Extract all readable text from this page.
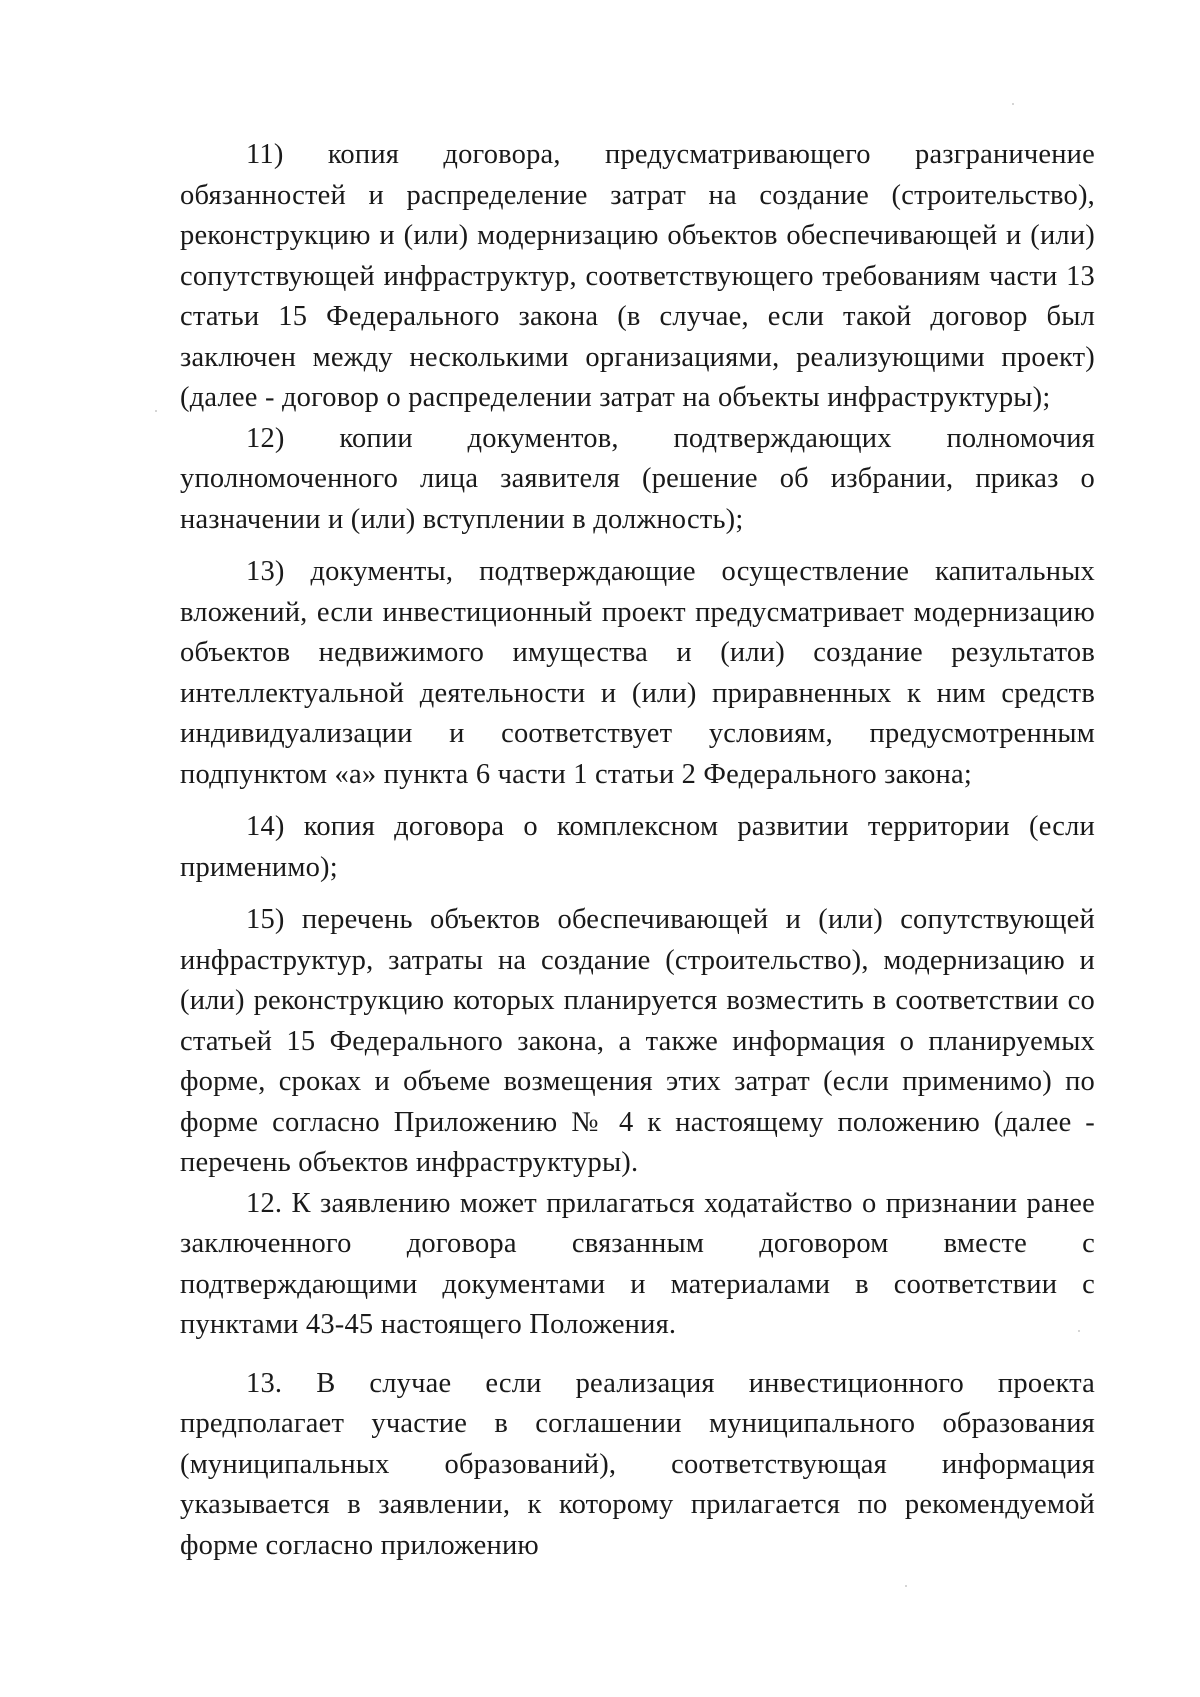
11) копия договора, предусматривающего разграничение обязанностей и распределение затрат на создание (строительство), реконструкцию и (или) модернизацию объектов обеспечивающей и (или) сопутствующей инфраструктур, соответствующего требованиям части 13 статьи 15 Федерального закона (в случае, если такой договор был заключен между несколькими организациями, реализующими проект) (далее - договор о распределении затрат на объекты инфраструктуры);

12) копии документов, подтверждающих полномочия уполномоченного лица заявителя (решение об избрании, приказ о назначении и (или) вступлении в должность);

13) документы, подтверждающие осуществление капитальных вложений, если инвестиционный проект предусматривает модернизацию объектов недвижимого имущества и (или) создание результатов интеллектуальной деятельности и (или) приравненных к ним средств индивидуализации и соответствует условиям, предусмотренным подпунктом «а» пункта 6 части 1 статьи 2 Федерального закона;

14) копия договора о комплексном развитии территории (если применимо);

15) перечень объектов обеспечивающей и (или) сопутствующей инфраструктур, затраты на создание (строительство), модернизацию и (или) реконструкцию которых планируется возместить в соответствии со статьей 15 Федерального закона, а также информация о планируемых форме, сроках и объеме возмещения этих затрат (если применимо) по форме согласно Приложению № 4 к настоящему положению (далее - перечень объектов инфраструктуры).

12. К заявлению может прилагаться ходатайство о признании ранее заключенного договора связанным договором вместе с подтверждающими документами и материалами в соответствии с пунктами 43-45 настоящего Положения.

13. В случае если реализация инвестиционного проекта предполагает участие в соглашении муниципального образования (муниципальных образований), соответствующая информация указывается в заявлении, к которому прилагается по рекомендуемой форме согласно приложению
